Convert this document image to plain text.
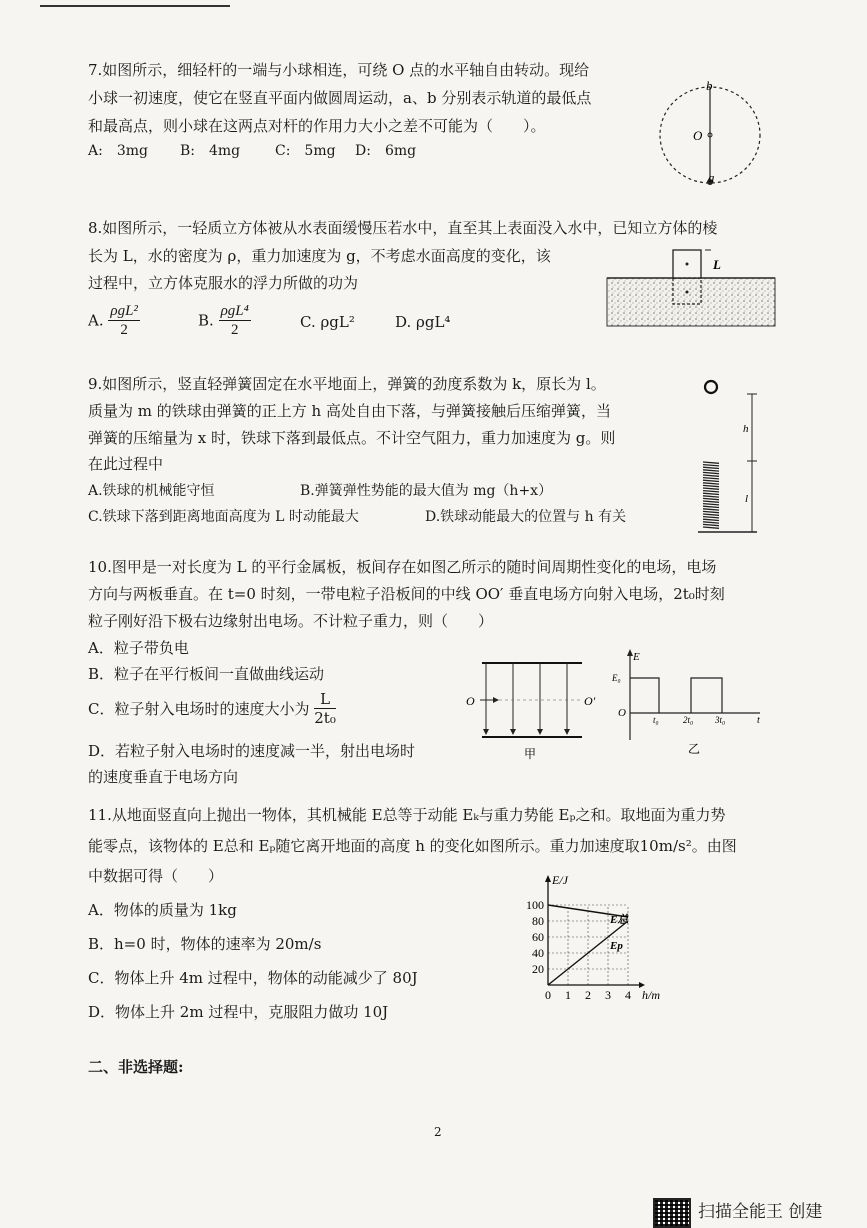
7.如图所示，细轻杆的一端与小球相连，可绕 O 点的水平轴自由转动。现给
小球一初速度，使它在竖直平面内做圆周运动，a、b 分别表示轨道的最低点
和最高点，则小球在这两点对杆的作用力大小之差不可能为（　　）。
A:　3mg B:　4mg C:　5mg D:　6mg
b
O
a
8.如图所示，一轻质立方体被从水表面缓慢压若水中，直至其上表面没入水中，已知立方体的棱
长为 L，水的密度为 ρ，重力加速度为 g，不考虑水面高度的变化，该
过程中，立方体克服水的浮力所做的功为
A. $\frac{\text{ρgL²}}{2}$	B. $\frac{\text{ρgL⁴}}{2}$	C. ρgL²	D. ρgL⁴
L
9.如图所示，竖直轻弹簧固定在水平地面上，弹簧的劲度系数为 k，原长为 l。
质量为 m 的铁球由弹簧的正上方 h 高处自由下落，与弹簧接触后压缩弹簧，当
弹簧的压缩量为 x 时，铁球下落到最低点。不计空气阻力，重力加速度为 g。则
在此过程中
A.铁球的机械能守恒	B.弹簧弹性势能的最大值为 mg（h+x）
C.铁球下落到距离地面高度为 L 时动能最大	D.铁球动能最大的位置与 h 有关
h
l
10.图甲是一对长度为 L 的平行金属板，板间存在如图乙所示的随时间周期性变化的电场，电场
方向与两板垂直。在 t=0 时刻，一带电粒子沿板间的中线 OO′ 垂直电场方向射入电场，2t₀时刻
粒子刚好沿下极右边缘射出电场。不计粒子重力，则（　　）
A．粒子带负电
B．粒子在平行板间一直做曲线运动
C．粒子射入电场时的速度大小为 $\frac{L}{\text{2t₀}}$
D．若粒子射入电场时的速度减一半，射出电场时
的速度垂直于电场方向
O	O′
甲
E
E₀
O
t₀	2t₀ 3t₀	t
乙
11.从地面竖直向上抛出一物体，其机械能 E总等于动能 Eₖ与重力势能 Eₚ之和。取地面为重力势
能零点，该物体的 E总和 Eₚ随它离开地面的高度 h 的变化如图所示。重力加速度取10m/s²。由图
中数据可得（　　）
A．物体的质量为 1kg
B．h=0 时，物体的速率为 20m/s
C．物体上升 4m 过程中，物体的动能减少了 80J
D．物体上升 2m 过程中，克服阻力做功 10J
20
40
60
80
100
0 1 2 3 4
E/J
h/m
E总
Ep
二、非选择题:
2
扫描全能王 创建
